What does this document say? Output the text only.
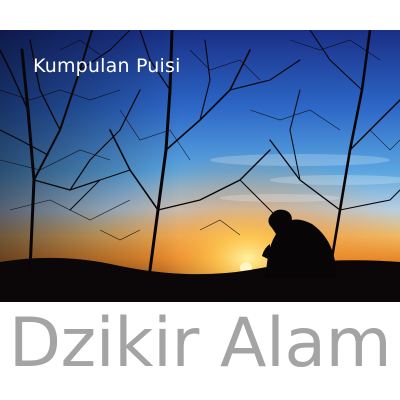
Kumpulan Puisi
Dzikir Alam
